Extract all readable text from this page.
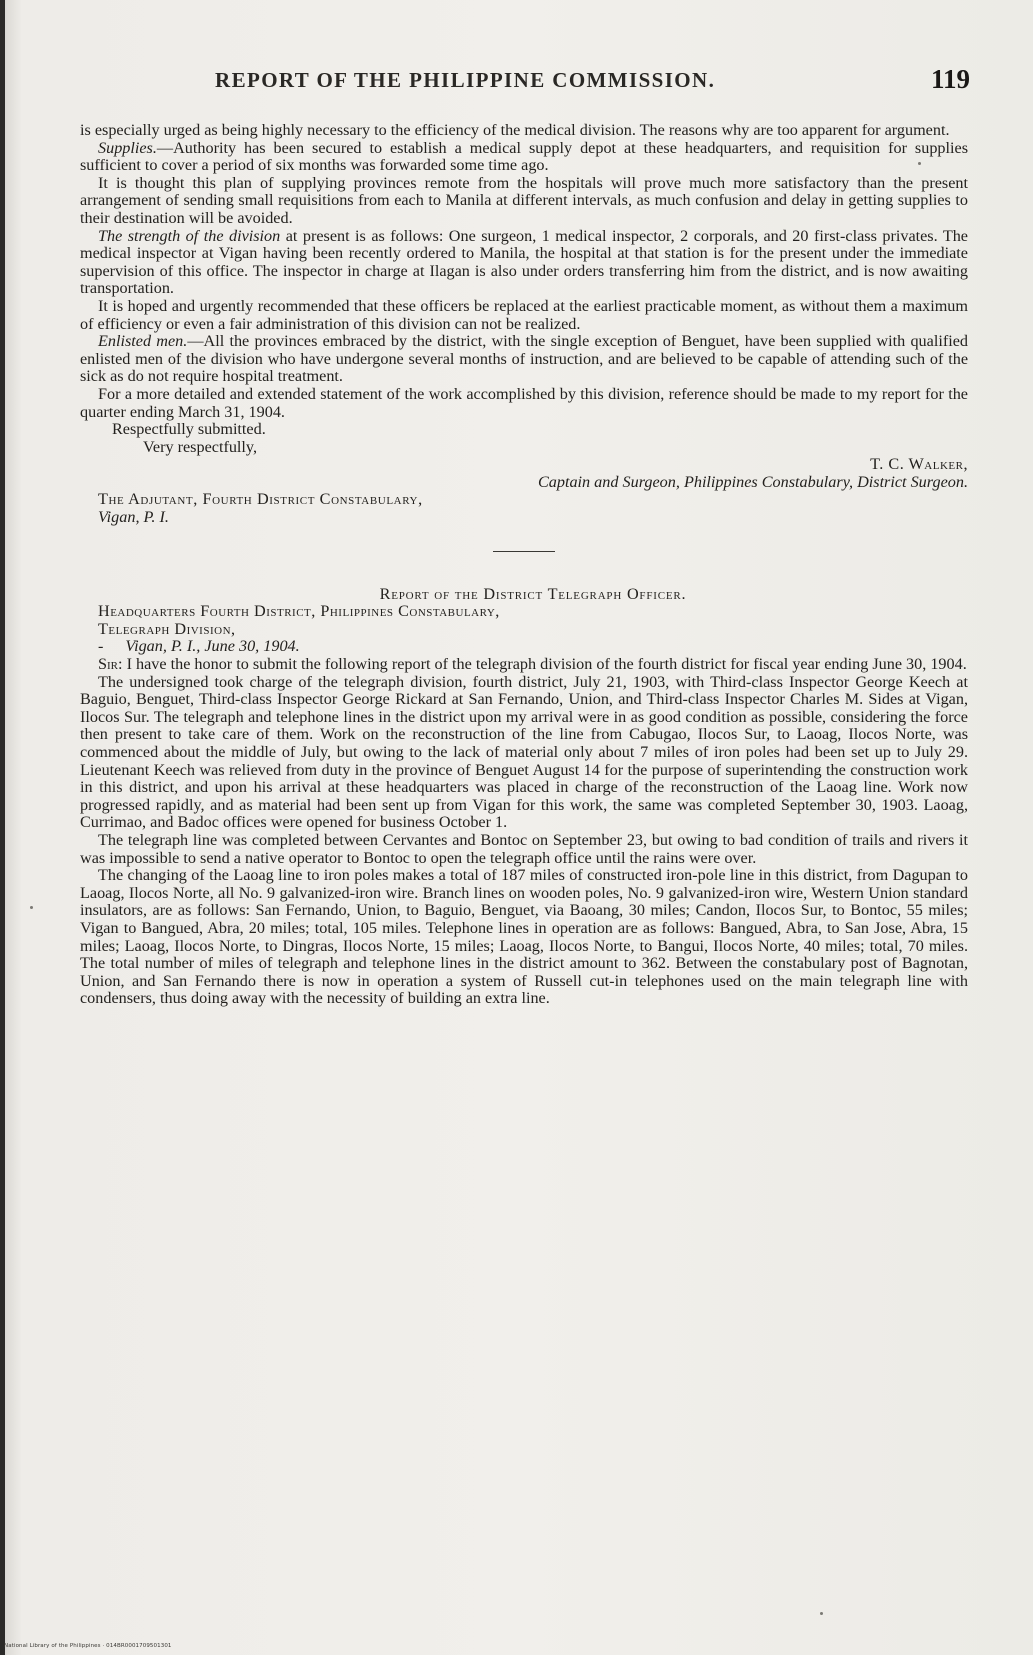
REPORT OF THE PHILIPPINE COMMISSION.	119

is especially urged as being highly necessary to the efficiency of the medical division. The reasons why are too apparent for argument.

Supplies.—Authority has been secured to establish a medical supply depot at these headquarters, and requisition for supplies sufficient to cover a period of six months was forwarded some time ago.

It is thought this plan of supplying provinces remote from the hospitals will prove much more satisfactory than the present arrangement of sending small requisitions from each to Manila at different intervals, as much confusion and delay in getting supplies to their destination will be avoided.

The strength of the division at present is as follows: One surgeon, 1 medical inspector, 2 corporals, and 20 first-class privates. The medical inspector at Vigan having been recently ordered to Manila, the hospital at that station is for the present under the immediate supervision of this office. The inspector in charge at Ilagan is also under orders transferring him from the district, and is now awaiting transportation.

It is hoped and urgently recommended that these officers be replaced at the earliest practicable moment, as without them a maximum of efficiency or even a fair administration of this division can not be realized.

Enlisted men.—All the provinces embraced by the district, with the single exception of Benguet, have been supplied with qualified enlisted men of the division who have undergone several months of instruction, and are believed to be capable of attending such of the sick as do not require hospital treatment.

For a more detailed and extended statement of the work accomplished by this division, reference should be made to my report for the quarter ending March 31, 1904.

Respectfully submitted.

Very respectfully,

T. C. Walker,

Captain and Surgeon, Philippines Constabulary, District Surgeon.

The Adjutant, Fourth District Constabulary,

Vigan, P. I.

Report of the District Telegraph Officer.

Headquarters Fourth District, Philippines Constabulary,

Telegraph Division,

- Vigan, P. I., June 30, 1904.

Sir: I have the honor to submit the following report of the telegraph division of the fourth district for fiscal year ending June 30, 1904.

The undersigned took charge of the telegraph division, fourth district, July 21, 1903, with Third-class Inspector George Keech at Baguio, Benguet, Third-class Inspector George Rickard at San Fernando, Union, and Third-class Inspector Charles M. Sides at Vigan, Ilocos Sur. The telegraph and telephone lines in the district upon my arrival were in as good condition as possible, considering the force then present to take care of them. Work on the reconstruction of the line from Cabugao, Ilocos Sur, to Laoag, Ilocos Norte, was commenced about the middle of July, but owing to the lack of material only about 7 miles of iron poles had been set up to July 29. Lieutenant Keech was relieved from duty in the province of Benguet August 14 for the purpose of superintending the construction work in this district, and upon his arrival at these headquarters was placed in charge of the reconstruction of the Laoag line. Work now progressed rapidly, and as material had been sent up from Vigan for this work, the same was completed September 30, 1903. Laoag, Currimao, and Badoc offices were opened for business October 1.

The telegraph line was completed between Cervantes and Bontoc on September 23, but owing to bad condition of trails and rivers it was impossible to send a native operator to Bontoc to open the telegraph office until the rains were over.

The changing of the Laoag line to iron poles makes a total of 187 miles of constructed iron-pole line in this district, from Dagupan to Laoag, Ilocos Norte, all No. 9 galvanized-iron wire. Branch lines on wooden poles, No. 9 galvanized-iron wire, Western Union standard insulators, are as follows: San Fernando, Union, to Baguio, Benguet, via Baoang, 30 miles; Candon, Ilocos Sur, to Bontoc, 55 miles; Vigan to Bangued, Abra, 20 miles; total, 105 miles. Telephone lines in operation are as follows: Bangued, Abra, to San Jose, Abra, 15 miles; Laoag, Ilocos Norte, to Dingras, Ilocos Norte, 15 miles; Laoag, Ilocos Norte, to Bangui, Ilocos Norte, 40 miles; total, 70 miles. The total number of miles of telegraph and telephone lines in the district amount to 362. Between the constabulary post of Bagnotan, Union, and San Fernando there is now in operation a system of Russell cut-in telephones used on the main telegraph line with condensers, thus doing away with the necessity of building an extra line.

National Library of the Philippines · 014BR0001709501301
